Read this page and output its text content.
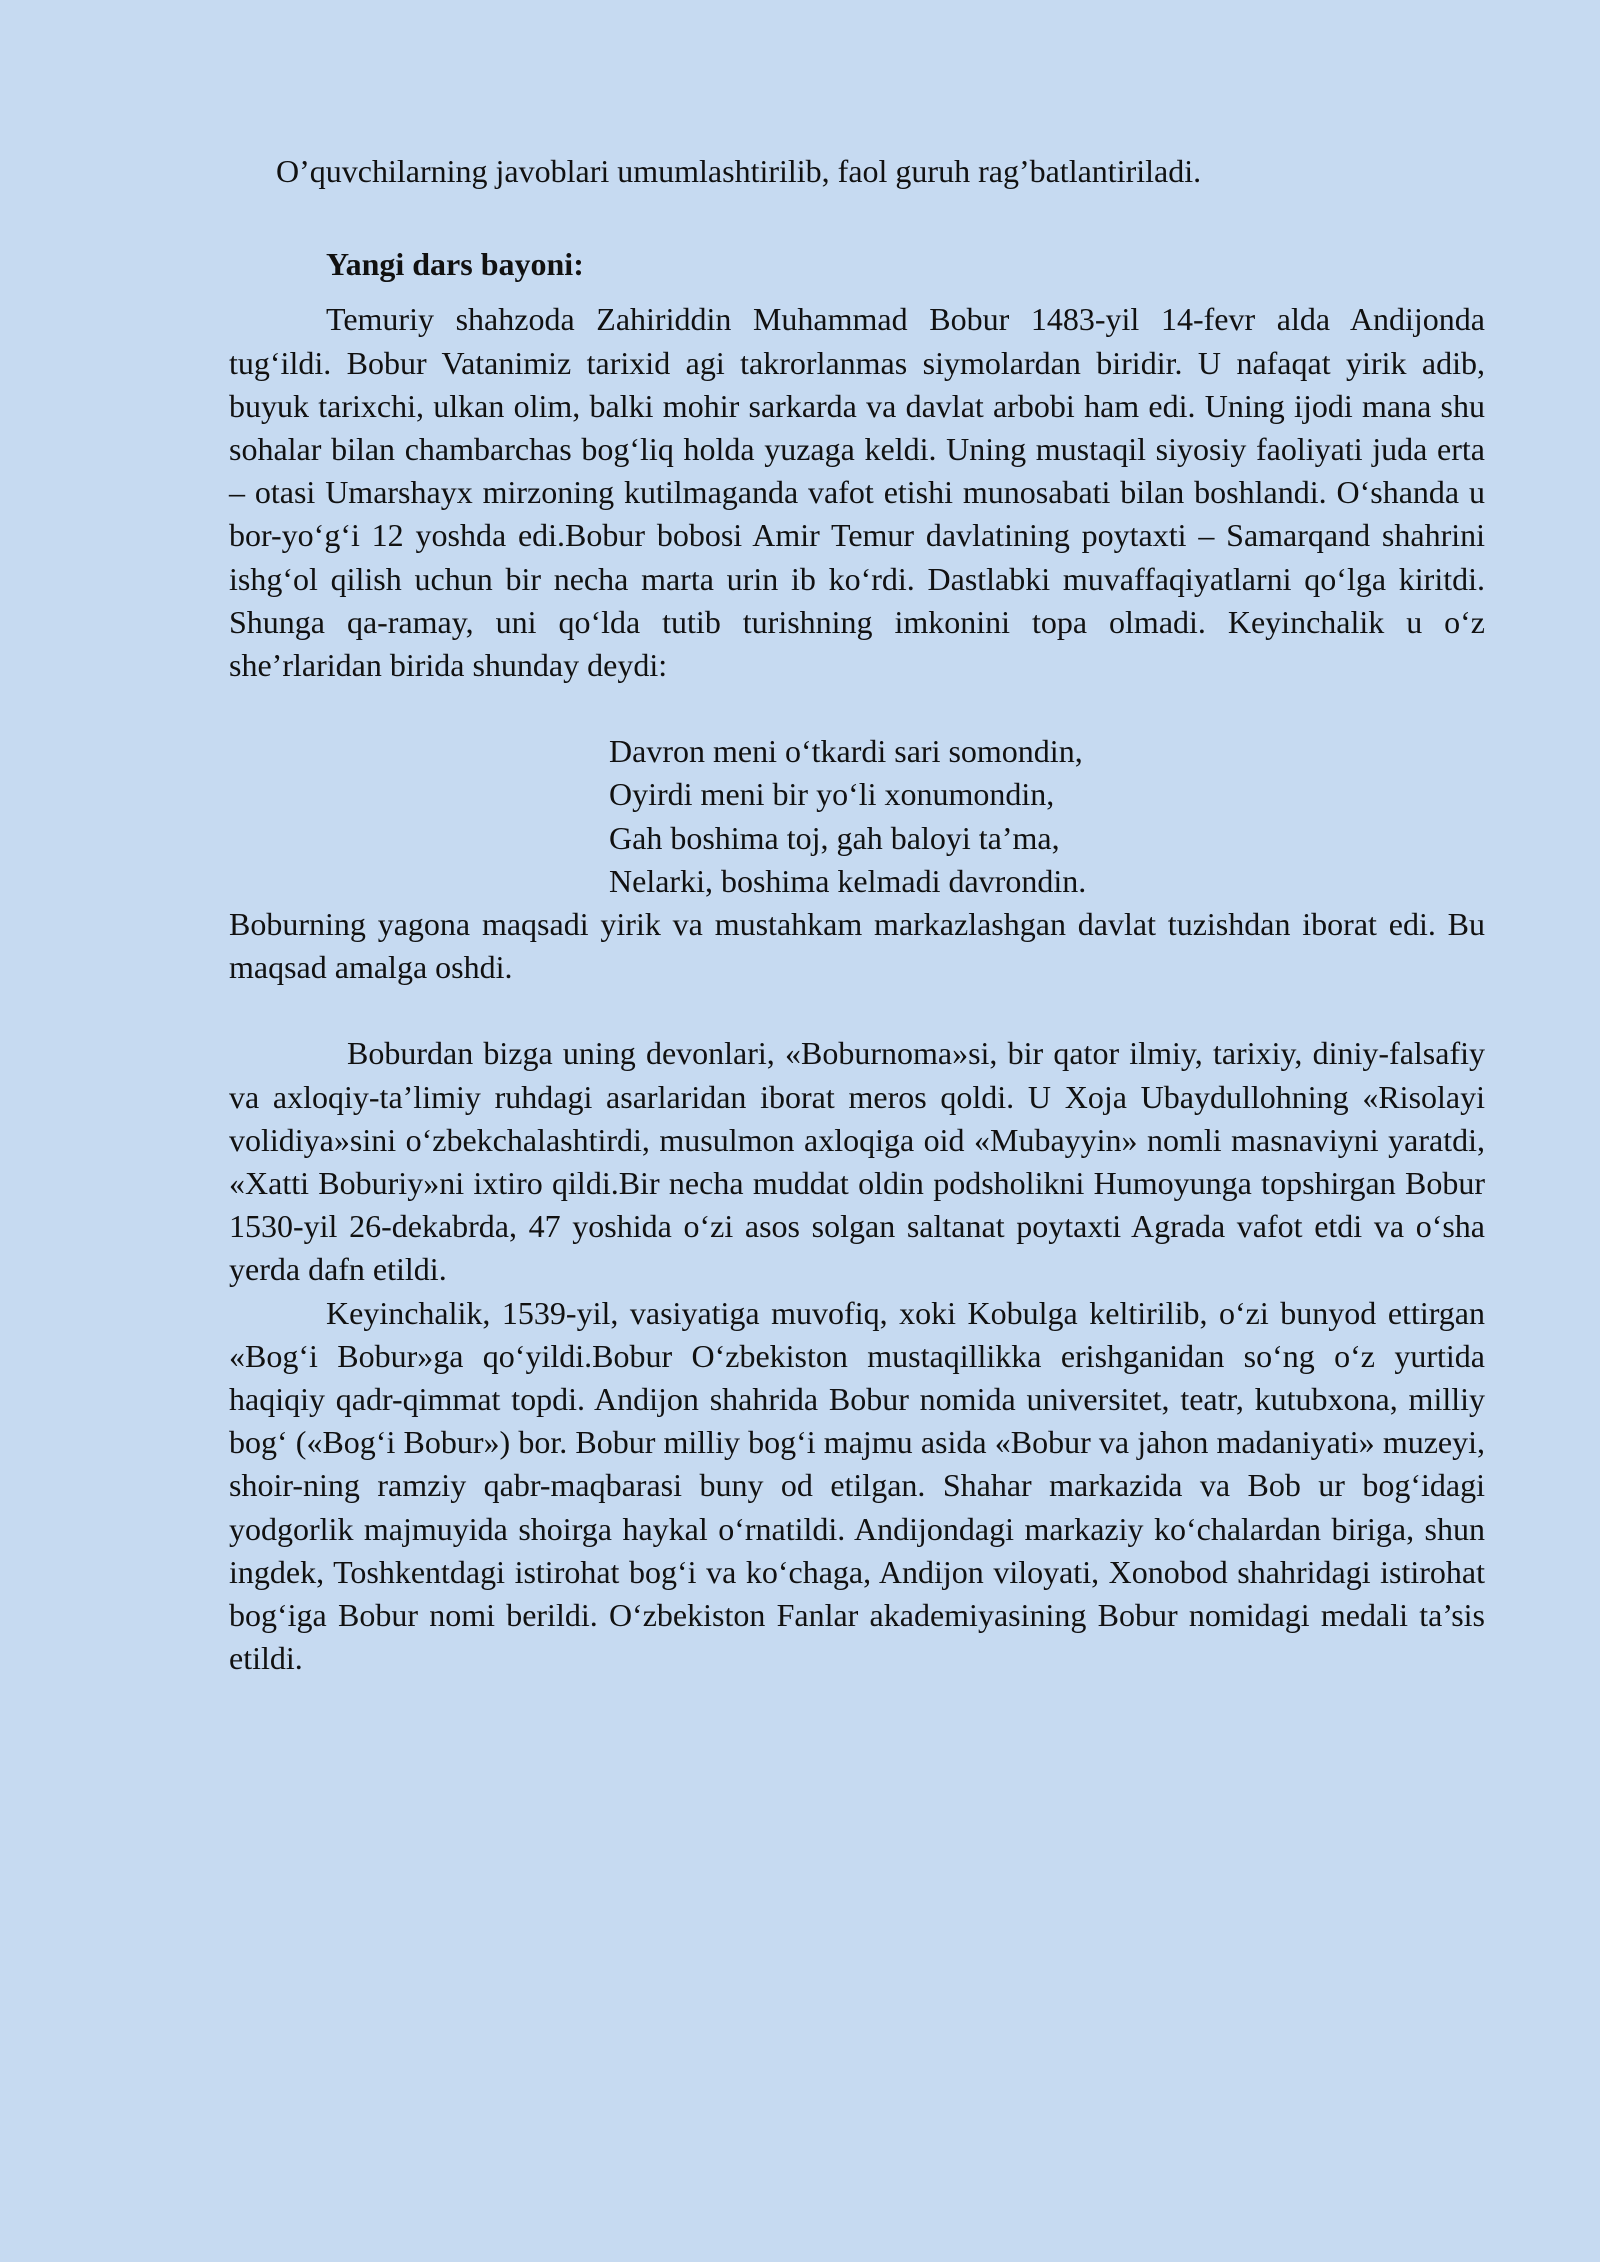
O’quvchilarning javoblari umumlashtirilib, faol guruh rag’batlantiriladi.

Yangi dars bayoni:

Temuriy shahzoda Zahiriddin Muhammad Bobur 1483-yil 14-fevr alda Andijonda tug‘ildi. Bobur Vatanimiz tarixid agi takrorlanmas siymolardan biridir. U nafaqat yirik adib, buyuk tarixchi, ulkan olim, balki mohir sarkarda va davlat arbobi ham edi. Uning ijodi mana shu sohalar bilan chambarchas bog‘liq holda yuzaga keldi. Uning mustaqil siyosiy faoliyati juda erta – otasi Umarshayx mirzoning kutilmaganda vafot etishi munosabati bilan boshlandi. O‘shanda u bor-yo‘g‘i 12 yoshda edi.Bobur bobosi Amir Temur davlatining poytaxti – Samarqand shahrini ishg‘ol qilish uchun bir necha marta urin ib ko‘rdi. Dastlabki muvaffaqiyatlarni qo‘lga kiritdi. Shunga qa-ramay, uni qo‘lda tutib turishning imkonini topa olmadi. Keyinchalik u o‘z she’rlaridan birida shunday deydi:

Davron meni o‘tkardi sari somondin,
Oyirdi meni bir yo‘li xonumondin,
Gah boshima toj, gah baloyi ta’ma,
Nelarki, boshima kelmadi davrondin.

Boburning yagona maqsadi yirik va mustahkam markazlashgan davlat tuzishdan iborat edi. Bu maqsad amalga oshdi.

Boburdan bizga uning devonlari, «Boburnoma»si, bir qator ilmiy, tarixiy, diniy-falsafiy va axloqiy-ta’limiy ruhdagi asarlaridan iborat meros qoldi. U Xoja Ubaydullohning «Risolayi volidiya»sini o‘zbekchalashtirdi, musulmon axloqiga oid «Mubayyin» nomli masnaviyni yaratdi, «Xatti Boburiy»ni ixtiro qildi.Bir necha muddat oldin podsholikni Humoyunga topshirgan Bobur 1530-yil 26-dekabrda, 47 yoshida o‘zi asos solgan saltanat poytaxti Agrada vafot etdi va o‘sha yerda dafn etildi.

Keyinchalik, 1539-yil, vasiyatiga muvofiq, xoki Kobulga keltirilib, o‘zi bunyod ettirgan «Bog‘i Bobur»ga qo‘yildi.Bobur O‘zbekiston mustaqillikka erishganidan so‘ng o‘z yurtida haqiqiy qadr-qimmat topdi. Andijon shahrida Bobur nomida universitet, teatr, kutubxona, milliy bog‘ («Bog‘i Bobur») bor. Bobur milliy bog‘i majmu asida «Bobur va jahon madaniyati» muzeyi, shoir-ning ramziy qabr-maqbarasi buny od etilgan. Shahar markazida va Bob ur bog‘idagi yodgorlik majmuyida shoirga haykal o‘rnatildi. Andijondagi markaziy ko‘chalardan biriga, shun ingdek, Toshkentdagi istirohat bog‘i va ko‘chaga, Andijon viloyati, Xonobod shahridagi istirohat bog‘iga Bobur nomi berildi. O‘zbekiston Fanlar akademiyasining Bobur nomidagi medali ta’sis etildi.
